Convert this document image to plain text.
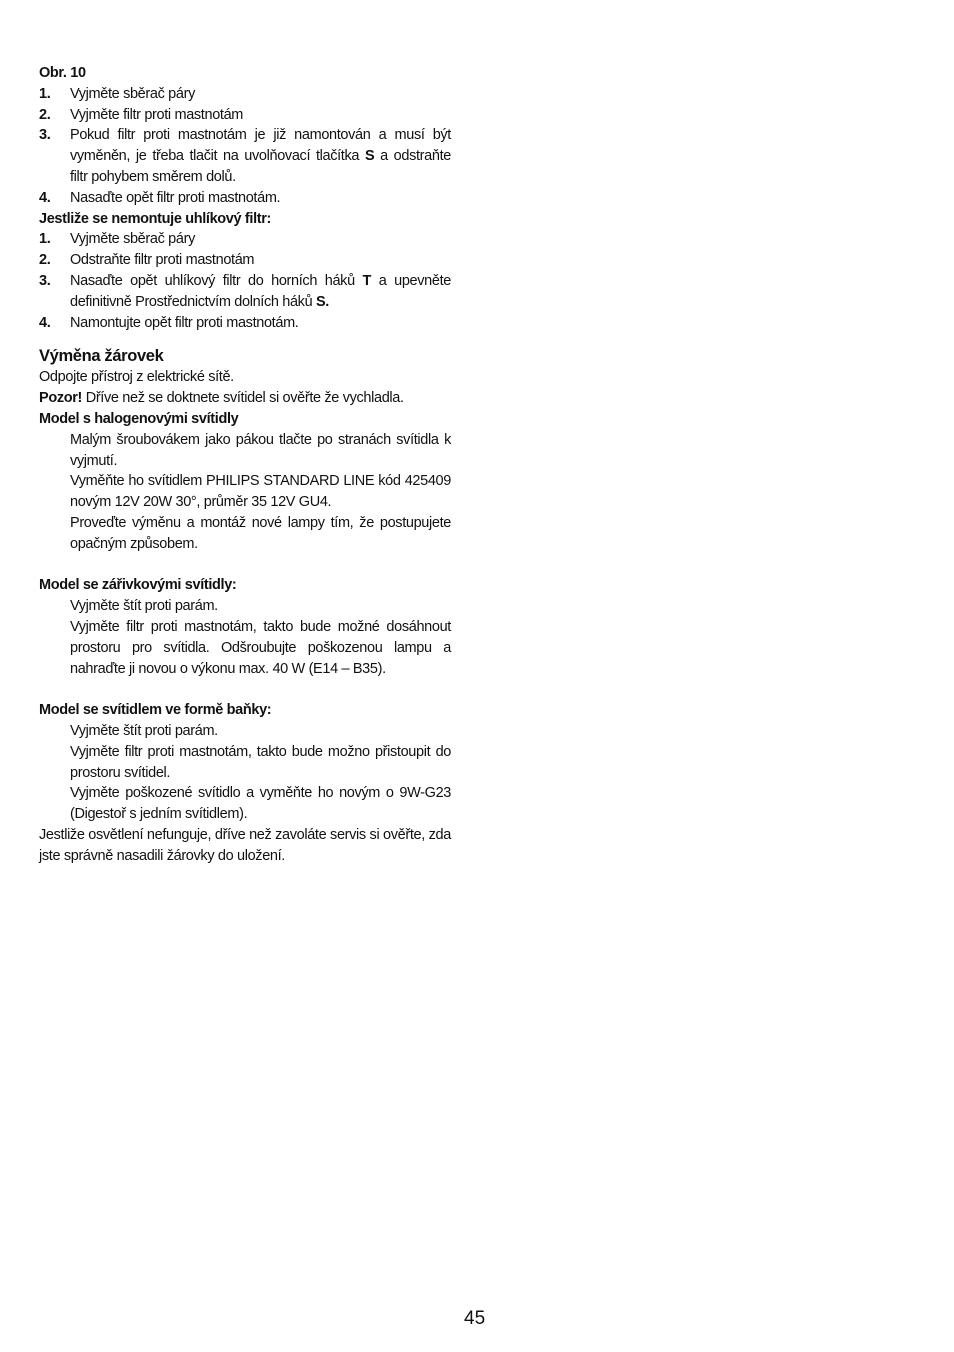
Obr. 10
1.	Vyjměte sběrač páry
2.	Vyjměte filtr proti mastnotám
3.	Pokud filtr proti mastnotám je již namontován a musí být vyměněn, je třeba tlačit na uvolňovací tlačítka S a odstraňte filtr pohybem směrem dolů.
4.	Nasaďte opět filtr proti mastnotám.
Jestliže se nemontuje uhlíkový filtr:
1.	Vyjměte sběrač páry
2.	Odstraňte filtr proti mastnotám
3.	Nasaďte opět uhlíkový filtr do horních háků T a upevněte definitivně Prostřednictvím dolních háků S.
4.	Namontujte opět filtr proti mastnotám.
Výměna žárovek
Odpojte přístroj z elektrické sítě.
Pozor! Dříve než se doktnete svítidel si ověřte že vychladla.
Model s halogenovými svítidly
Malým šroubovákem jako pákou tlačte po stranách svítidla k vyjmutí.
Vyměňte ho svítidlem PHILIPS STANDARD LINE kód 425409 novým 12V 20W 30°, průměr 35 12V GU4.
Proveďte výměnu a montáž nové lampy tím, že postupujete opačným způsobem.
Model se zářivkovými svítidly:
Vyjměte štít proti parám.
Vyjměte filtr proti mastnotám, takto bude možné dosáhnout prostoru pro svítidla. Odšroubujte poškozenou lampu a nahraďte ji novou o výkonu max. 40 W (E14 – B35).
Model se svítidlem ve formě baňky:
Vyjměte štít proti parám.
Vyjměte filtr proti mastnotám, takto bude možno přistoupit do prostoru svítidel.
Vyjměte poškozené svítidlo a vyměňte ho novým o 9W-G23 (Digestoř s jedním svítidlem).
Jestliže osvětlení nefunguje, dříve než zavoláte servis si ověřte, zda jste správně nasadili žárovky do uložení.
45
